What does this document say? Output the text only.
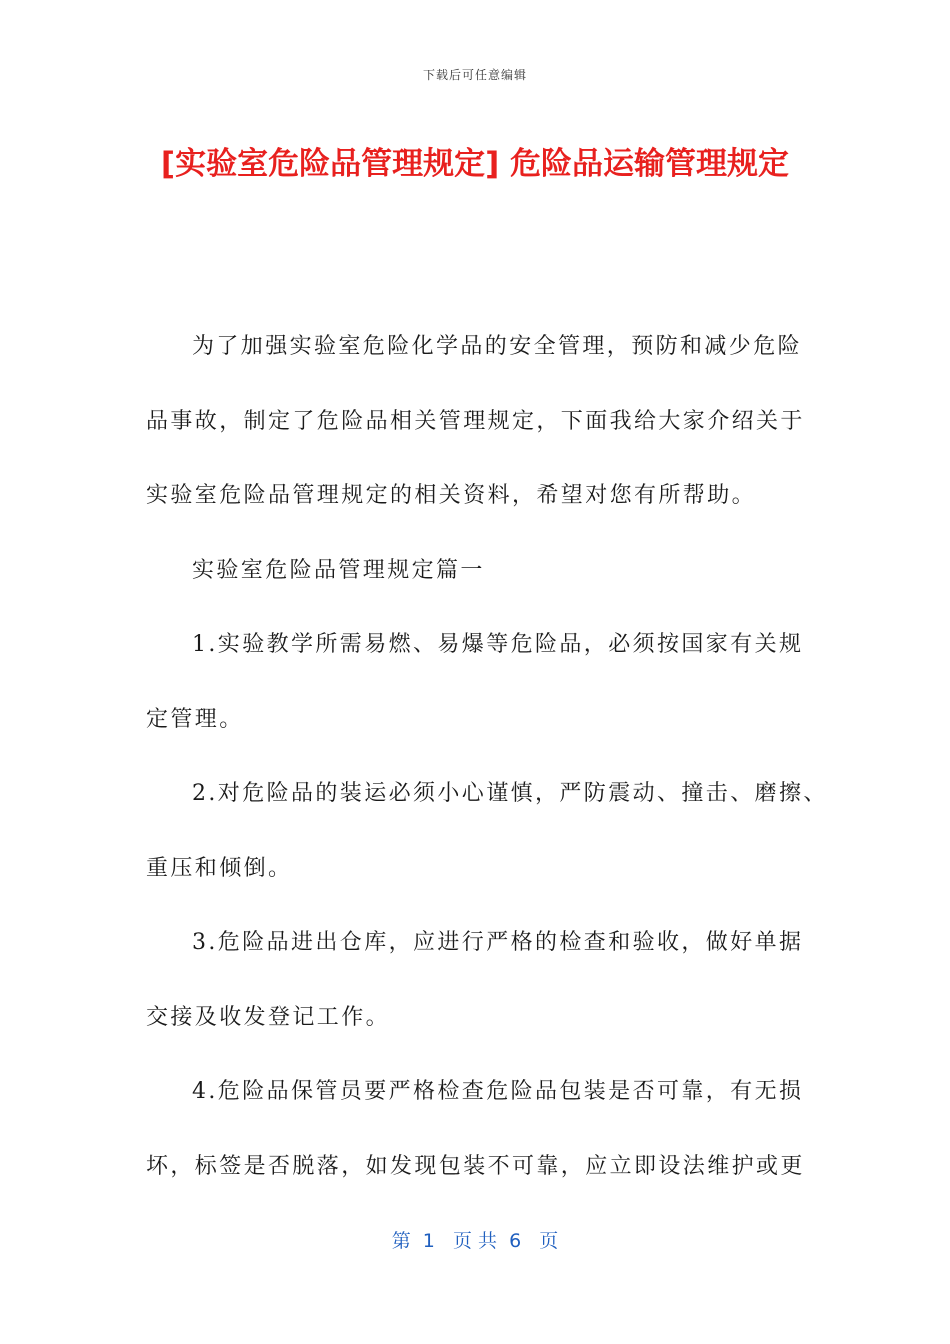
下载后可任意编辑
[实验室危险品管理规定] 危险品运输管理规定
为了加强实验室危险化学品的安全管理，预防和减少危险
品事故，制定了危险品相关管理规定，下面我给大家介绍关于
实验室危险品管理规定的相关资料，希望对您有所帮助。
实验室危险品管理规定篇一
1.实验教学所需易燃、易爆等危险品，必须按国家有关规
定管理。
2.对危险品的装运必须小心谨慎，严防震动、撞击、磨擦、
重压和倾倒。
3.危险品进出仓库，应进行严格的检查和验收，做好单据
交接及收发登记工作。
4.危险品保管员要严格检查危险品包装是否可靠，有无损
坏，标签是否脱落，如发现包装不可靠，应立即设法维护或更
第  1   页 共  6   页
